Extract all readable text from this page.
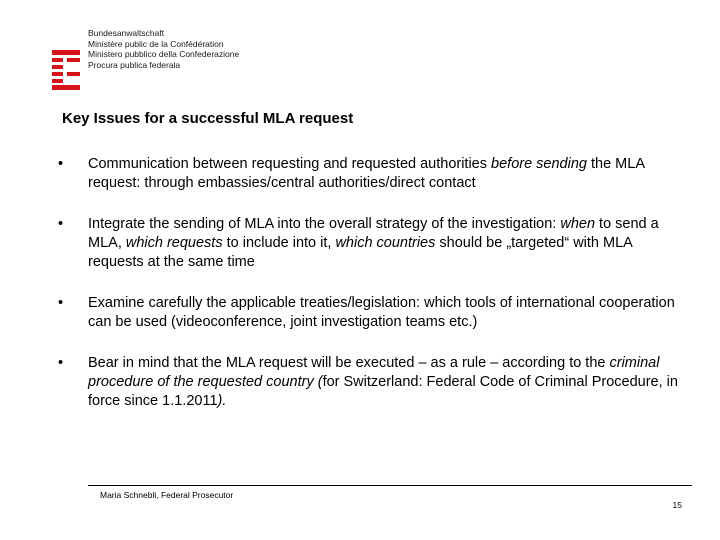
Bundesanwaltschaft
Ministère public de la Confédération
Ministero pubblico della Confederazione
Procura publica federala
Key Issues for a successful MLA request
• Communication between requesting and requested authorities before sending the MLA request: through embassies/central authorities/direct contact
• Integrate the sending of MLA into the overall strategy of the investigation: when to send a MLA, which requests to include into it, which countries should be „targeted“ with MLA requests at the same time
• Examine carefully the applicable treaties/legislation: which tools of international cooperation can be used (videoconference, joint investigation teams etc.)
• Bear in mind that the MLA request will be executed – as a rule – according to the criminal procedure of the requested country (for Switzerland: Federal Code of Criminal Procedure, in force since 1.1.2011).
Maria Schnebli, Federal Prosecutor
15
